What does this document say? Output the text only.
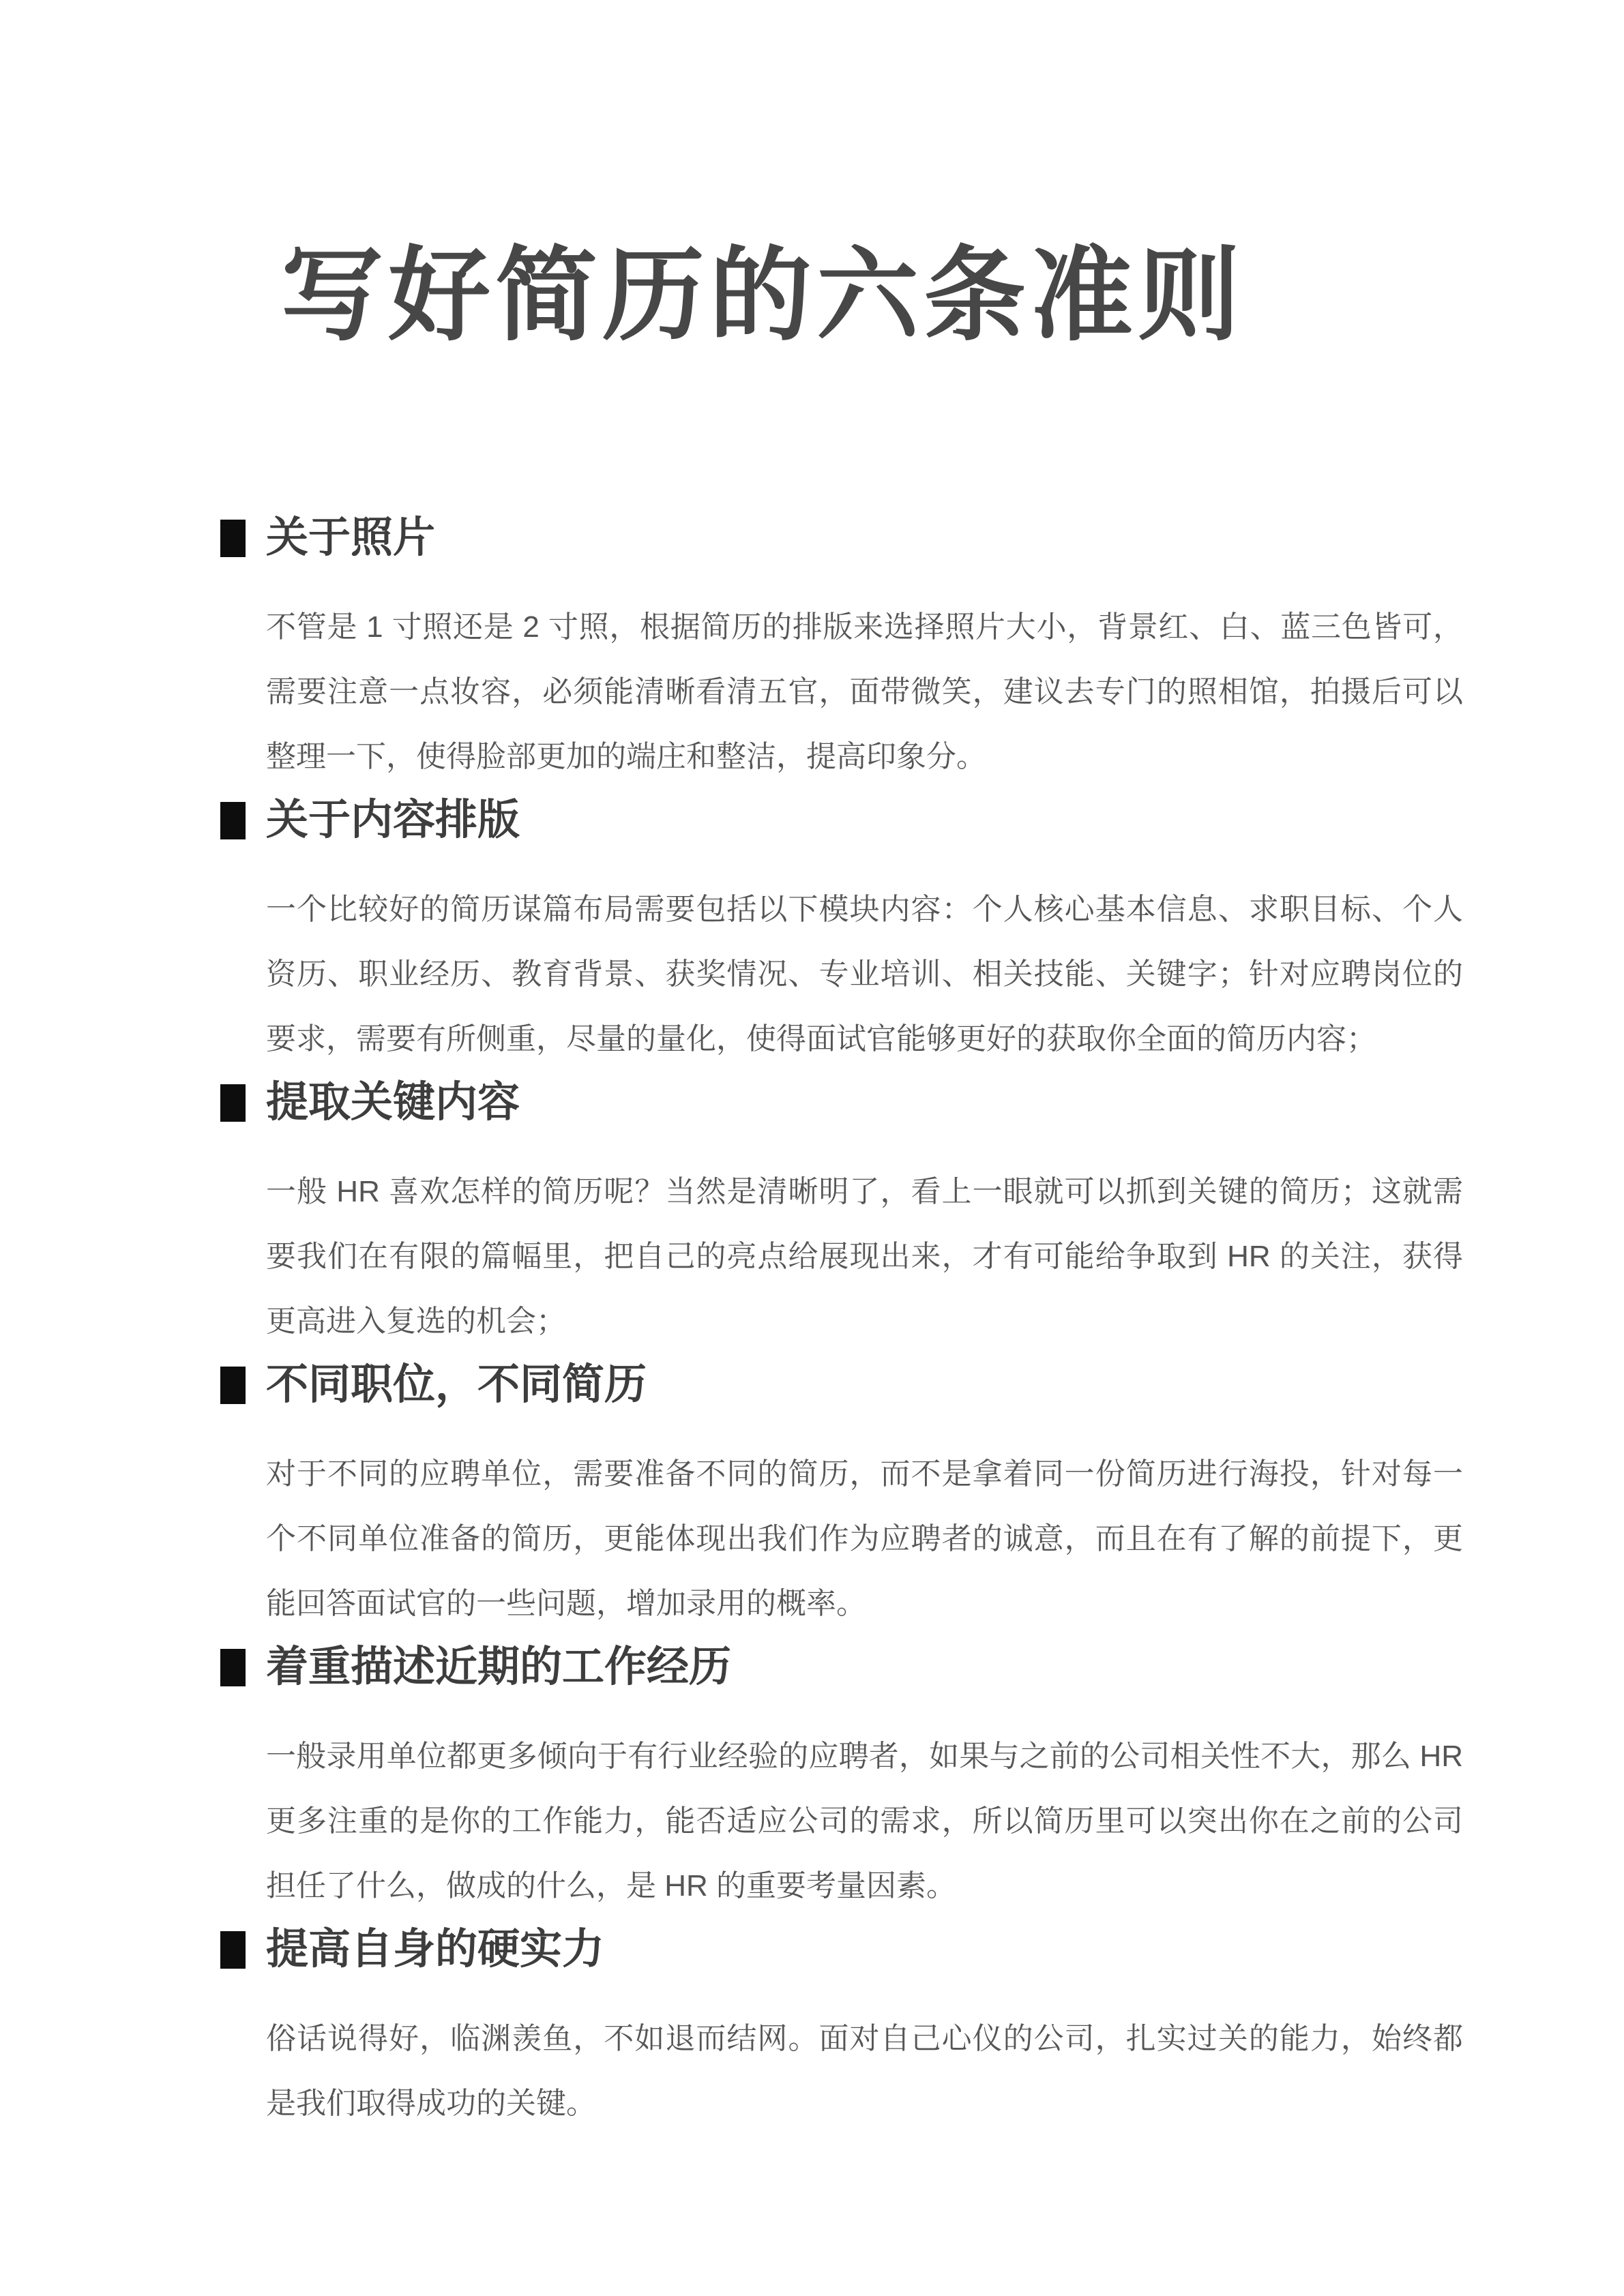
写好简历的六条准则
关于照片

不管是 1 寸照还是 2 寸照，根据简历的排版来选择照片大小，背景红、白、蓝三色皆可，需要注意一点妆容，必须能清晰看清五官，面带微笑，建议去专门的照相馆，拍摄后可以整理一下，使得脸部更加的端庄和整洁，提高印象分。

关于内容排版

一个比较好的简历谋篇布局需要包括以下模块内容：个人核心基本信息、求职目标、个人资历、职业经历、教育背景、获奖情况、专业培训、相关技能、关键字；针对应聘岗位的要求，需要有所侧重，尽量的量化，使得面试官能够更好的获取你全面的简历内容；

提取关键内容

一般 HR 喜欢怎样的简历呢？当然是清晰明了，看上一眼就可以抓到关键的简历；这就需要我们在有限的篇幅里，把自己的亮点给展现出来，才有可能给争取到 HR 的关注，获得更高进入复选的机会；

不同职位，不同简历

对于不同的应聘单位，需要准备不同的简历，而不是拿着同一份简历进行海投，针对每一个不同单位准备的简历，更能体现出我们作为应聘者的诚意，而且在有了解的前提下，更能回答面试官的一些问题，增加录用的概率。

着重描述近期的工作经历

一般录用单位都更多倾向于有行业经验的应聘者，如果与之前的公司相关性不大，那么 HR 更多注重的是你的工作能力，能否适应公司的需求，所以简历里可以突出你在之前的公司担任了什么，做成的什么，是 HR 的重要考量因素。

提高自身的硬实力

俗话说得好，临渊羡鱼，不如退而结网。面对自己心仪的公司，扎实过关的能力，始终都是我们取得成功的关键。
